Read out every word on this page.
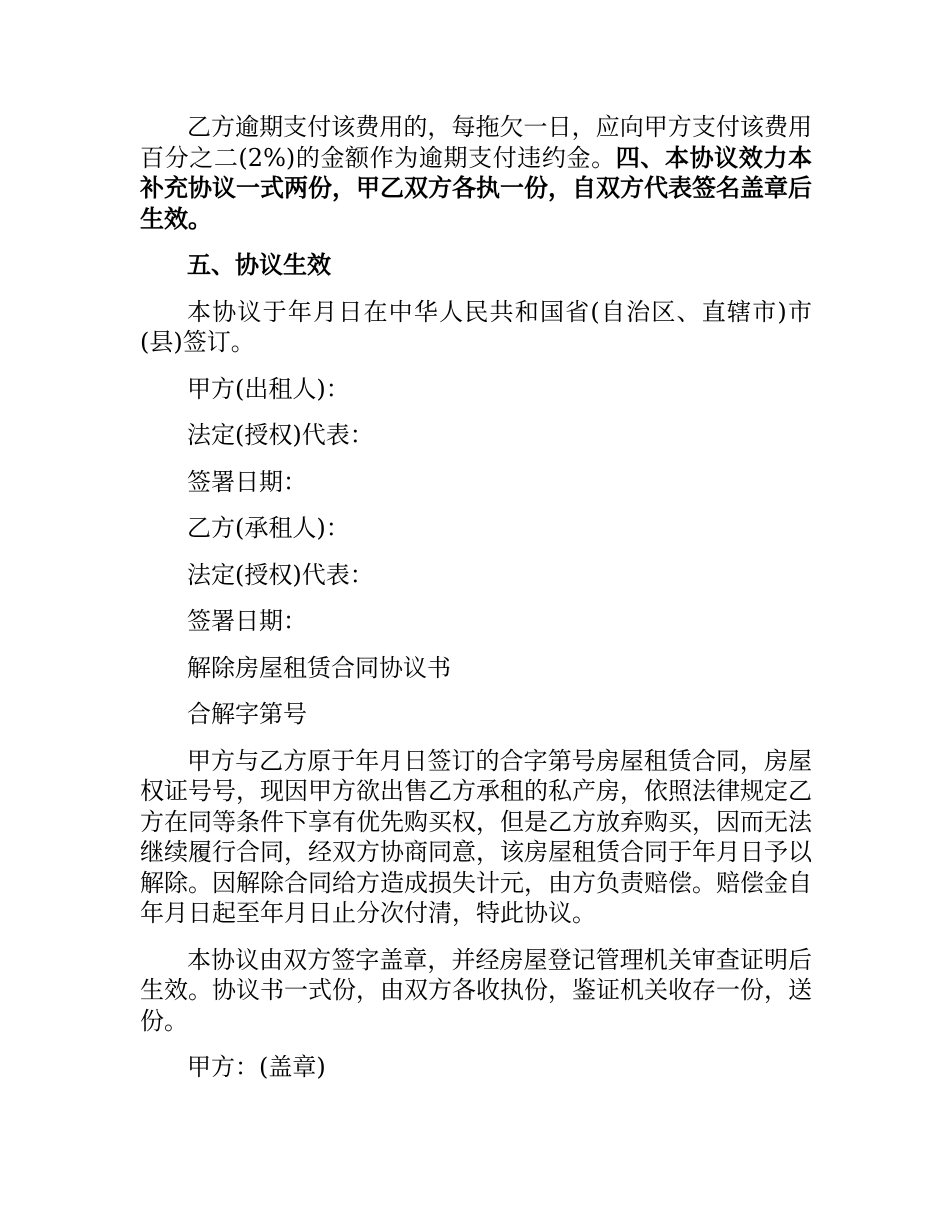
乙方逾期支付该费用的，每拖欠一日，应向甲方支付该费用百分之二(2%)的金额作为逾期支付违约金。四、本协议效力本补充协议一式两份，甲乙双方各执一份，自双方代表签名盖章后生效。

五、协议生效

本协议于年月日在中华人民共和国省(自治区、直辖市)市(县)签订。

甲方(出租人)：

法定(授权)代表：

签署日期：

乙方(承租人)：

法定(授权)代表：

签署日期：

解除房屋租赁合同协议书

合解字第号

甲方与乙方原于年月日签订的合字第号房屋租赁合同，房屋权证号号，现因甲方欲出售乙方承租的私产房，依照法律规定乙方在同等条件下享有优先购买权，但是乙方放弃购买，因而无法继续履行合同，经双方协商同意，该房屋租赁合同于年月日予以解除。因解除合同给方造成损失计元，由方负责赔偿。赔偿金自年月日起至年月日止分次付清，特此协议。

本协议由双方签字盖章，并经房屋登记管理机关审查证明后生效。协议书一式份，由双方各收执份，鉴证机关收存一份，送份。

甲方：(盖章)
